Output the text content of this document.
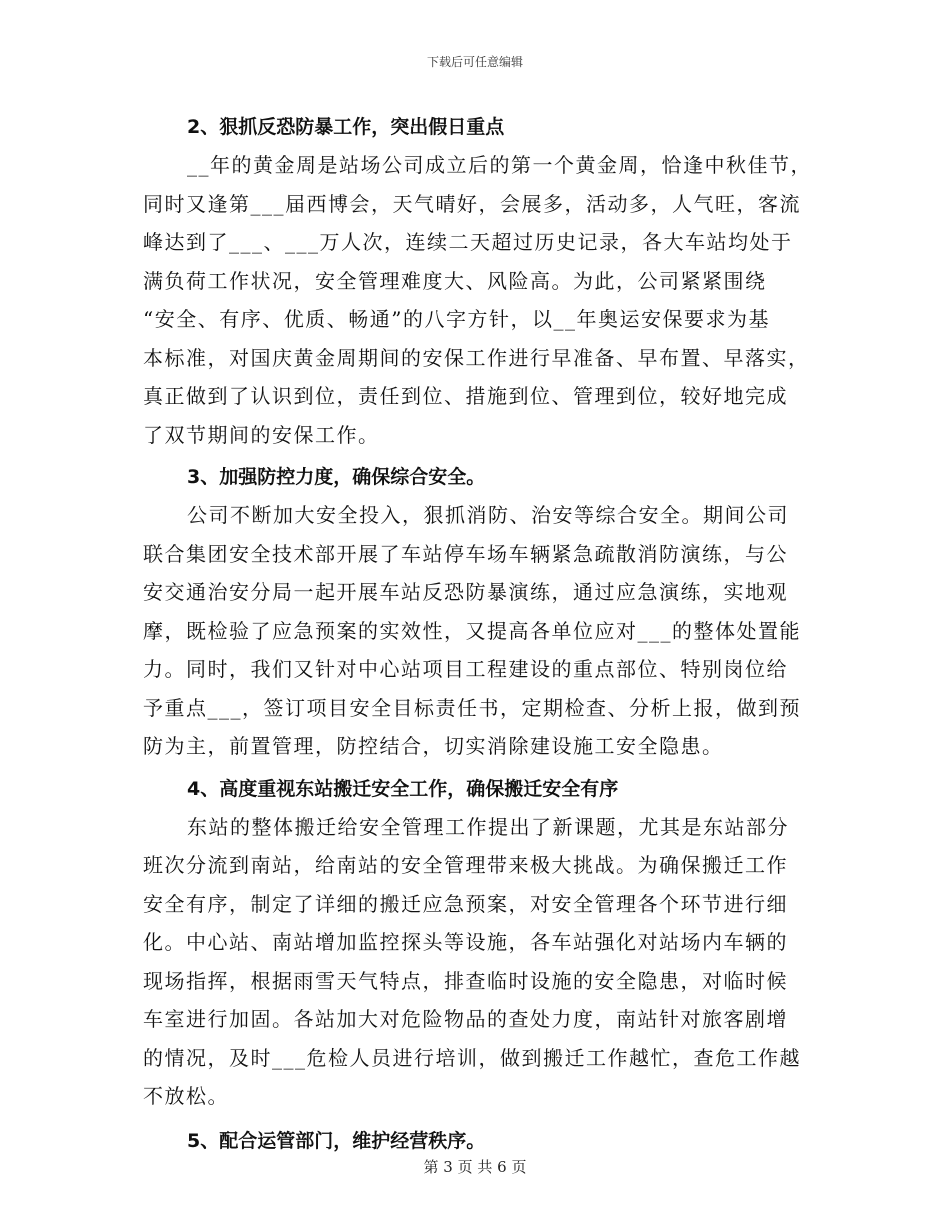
下载后可任意编辑
2、狠抓反恐防暴工作，突出假日重点

__年的黄金周是站场公司成立后的第一个黄金周，恰逢中秋佳节，
同时又逢第___届西博会，天气晴好，会展多，活动多，人气旺，客流
峰达到了___、___万人次，连续二天超过历史记录，各大车站均处于
满负荷工作状况，安全管理难度大、风险高。为此，公司紧紧围绕
“安全、有序、优质、畅通”的八字方针，以__年奥运安保要求为基
本标准，对国庆黄金周期间的安保工作进行早准备、早布置、早落实，
真正做到了认识到位，责任到位、措施到位、管理到位，较好地完成
了双节期间的安保工作。

3、加强防控力度，确保综合安全。

公司不断加大安全投入，狠抓消防、治安等综合安全。期间公司
联合集团安全技术部开展了车站停车场车辆紧急疏散消防演练，与公
安交通治安分局一起开展车站反恐防暴演练，通过应急演练，实地观
摩，既检验了应急预案的实效性，又提高各单位应对___的整体处置能
力。同时，我们又针对中心站项目工程建设的重点部位、特别岗位给
予重点___，签订项目安全目标责任书，定期检查、分析上报，做到预
防为主，前置管理，防控结合，切实消除建设施工安全隐患。

4、高度重视东站搬迁安全工作，确保搬迁安全有序

东站的整体搬迁给安全管理工作提出了新课题，尤其是东站部分
班次分流到南站，给南站的安全管理带来极大挑战。为确保搬迁工作
安全有序，制定了详细的搬迁应急预案，对安全管理各个环节进行细
化。中心站、南站增加监控探头等设施，各车站强化对站场内车辆的
现场指挥，根据雨雪天气特点，排查临时设施的安全隐患，对临时候
车室进行加固。各站加大对危险物品的查处力度，南站针对旅客剧增
的情况，及时___危检人员进行培训，做到搬迁工作越忙，查危工作越
不放松。

5、配合运管部门，维护经营秩序。
第 3 页 共 6 页
